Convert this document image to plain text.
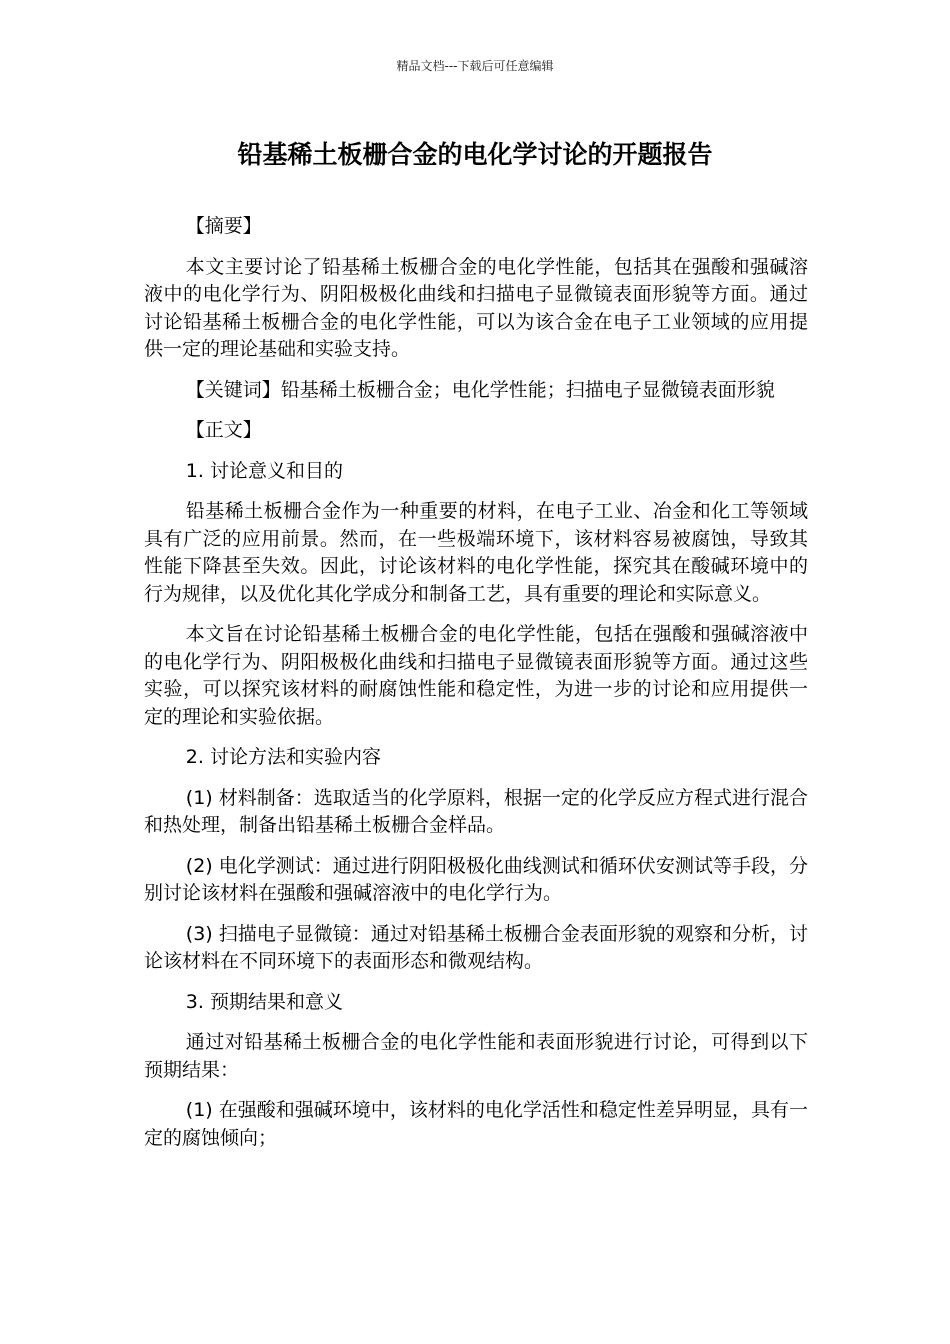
精品文档---下载后可任意编辑
铅基稀土板栅合金的电化学讨论的开题报告

【摘要】

本文主要讨论了铅基稀土板栅合金的电化学性能，包括其在强酸和强碱溶液中的电化学行为、阴阳极极化曲线和扫描电子显微镜表面形貌等方面。通过讨论铅基稀土板栅合金的电化学性能，可以为该合金在电子工业领域的应用提供一定的理论基础和实验支持。

【关键词】铅基稀土板栅合金；电化学性能；扫描电子显微镜表面形貌

【正文】

1. 讨论意义和目的

铅基稀土板栅合金作为一种重要的材料，在电子工业、冶金和化工等领域具有广泛的应用前景。然而，在一些极端环境下，该材料容易被腐蚀，导致其性能下降甚至失效。因此，讨论该材料的电化学性能，探究其在酸碱环境中的行为规律，以及优化其化学成分和制备工艺，具有重要的理论和实际意义。

本文旨在讨论铅基稀土板栅合金的电化学性能，包括在强酸和强碱溶液中的电化学行为、阴阳极极化曲线和扫描电子显微镜表面形貌等方面。通过这些实验，可以探究该材料的耐腐蚀性能和稳定性，为进一步的讨论和应用提供一定的理论和实验依据。

2. 讨论方法和实验内容

(1) 材料制备：选取适当的化学原料，根据一定的化学反应方程式进行混合和热处理，制备出铅基稀土板栅合金样品。

(2) 电化学测试：通过进行阴阳极极化曲线测试和循环伏安测试等手段，分别讨论该材料在强酸和强碱溶液中的电化学行为。

(3) 扫描电子显微镜：通过对铅基稀土板栅合金表面形貌的观察和分析，讨论该材料在不同环境下的表面形态和微观结构。

3. 预期结果和意义

通过对铅基稀土板栅合金的电化学性能和表面形貌进行讨论，可得到以下预期结果：

(1) 在强酸和强碱环境中，该材料的电化学活性和稳定性差异明显，具有一定的腐蚀倾向；
